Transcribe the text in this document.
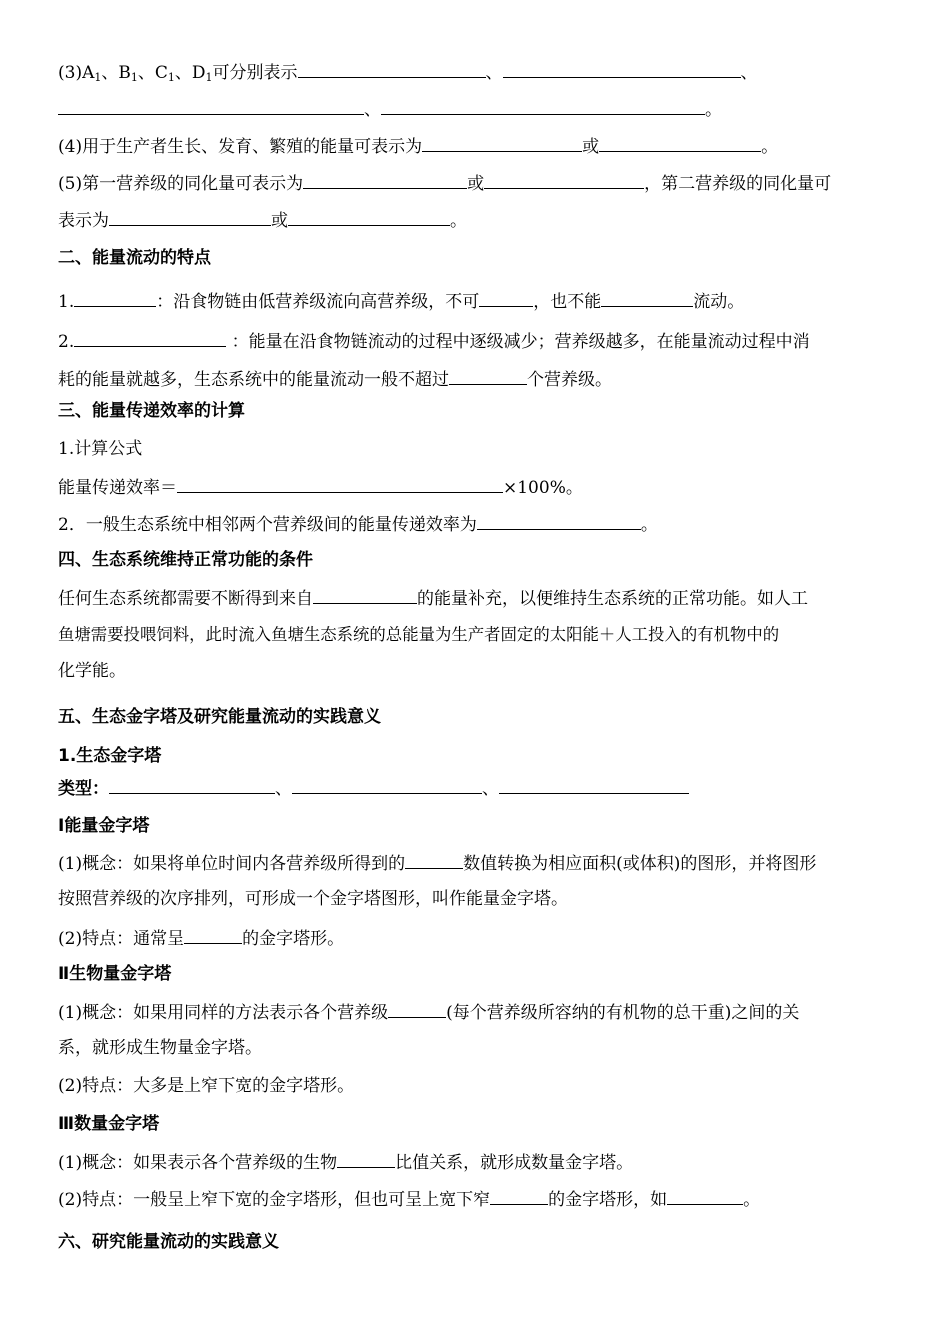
$(3)A_1$、$B_1$、$C_1$、$D_1$可分别表示	、	、
、	。
(4)用于生产者生长、发育、繁殖的能量可表示为	或	。
(5)第一营养级的同化量可表示为	或	，第二营养级的同化量可
表示为	或	。
二、能量流动的特点
1.	：沿食物链由低营养级流向高营养级，不可	，也不能	流动。
2.	：能量在沿食物链流动的过程中逐级减少；营养级越多，在能量流动过程中消
耗的能量就越多，生态系统中的能量流动一般不超过	个营养级。
三、能量传递效率的计算
1.计算公式
能量传递效率＝	×100%。
2．一般生态系统中相邻两个营养级间的能量传递效率为	。
四、生态系统维持正常功能的条件
任何生态系统都需要不断得到来自	的能量补充，以便维持生态系统的正常功能。如人工
鱼塘需要投喂饲料，此时流入鱼塘生态系统的总能量为生产者固定的太阳能＋人工投入的有机物中的
化学能。
五、生态金字塔及研究能量流动的实践意义
1.生态金字塔
类型：	、	、
Ⅰ能量金字塔
(1)概念：如果将单位时间内各营养级所得到的	数值转换为相应面积(或体积)的图形，并将图形
按照营养级的次序排列，可形成一个金字塔图形，叫作能量金字塔。
(2)特点：通常呈	的金字塔形。
Ⅱ生物量金字塔
(1)概念：如果用同样的方法表示各个营养级	(每个营养级所容纳的有机物的总干重)之间的关
系，就形成生物量金字塔。
(2)特点：大多是上窄下宽的金字塔形。
Ⅲ数量金字塔
(1)概念：如果表示各个营养级的生物	比值关系，就形成数量金字塔。
(2)特点：一般呈上窄下宽的金字塔形，但也可呈上宽下窄	的金字塔形，如	。
六、研究能量流动的实践意义
